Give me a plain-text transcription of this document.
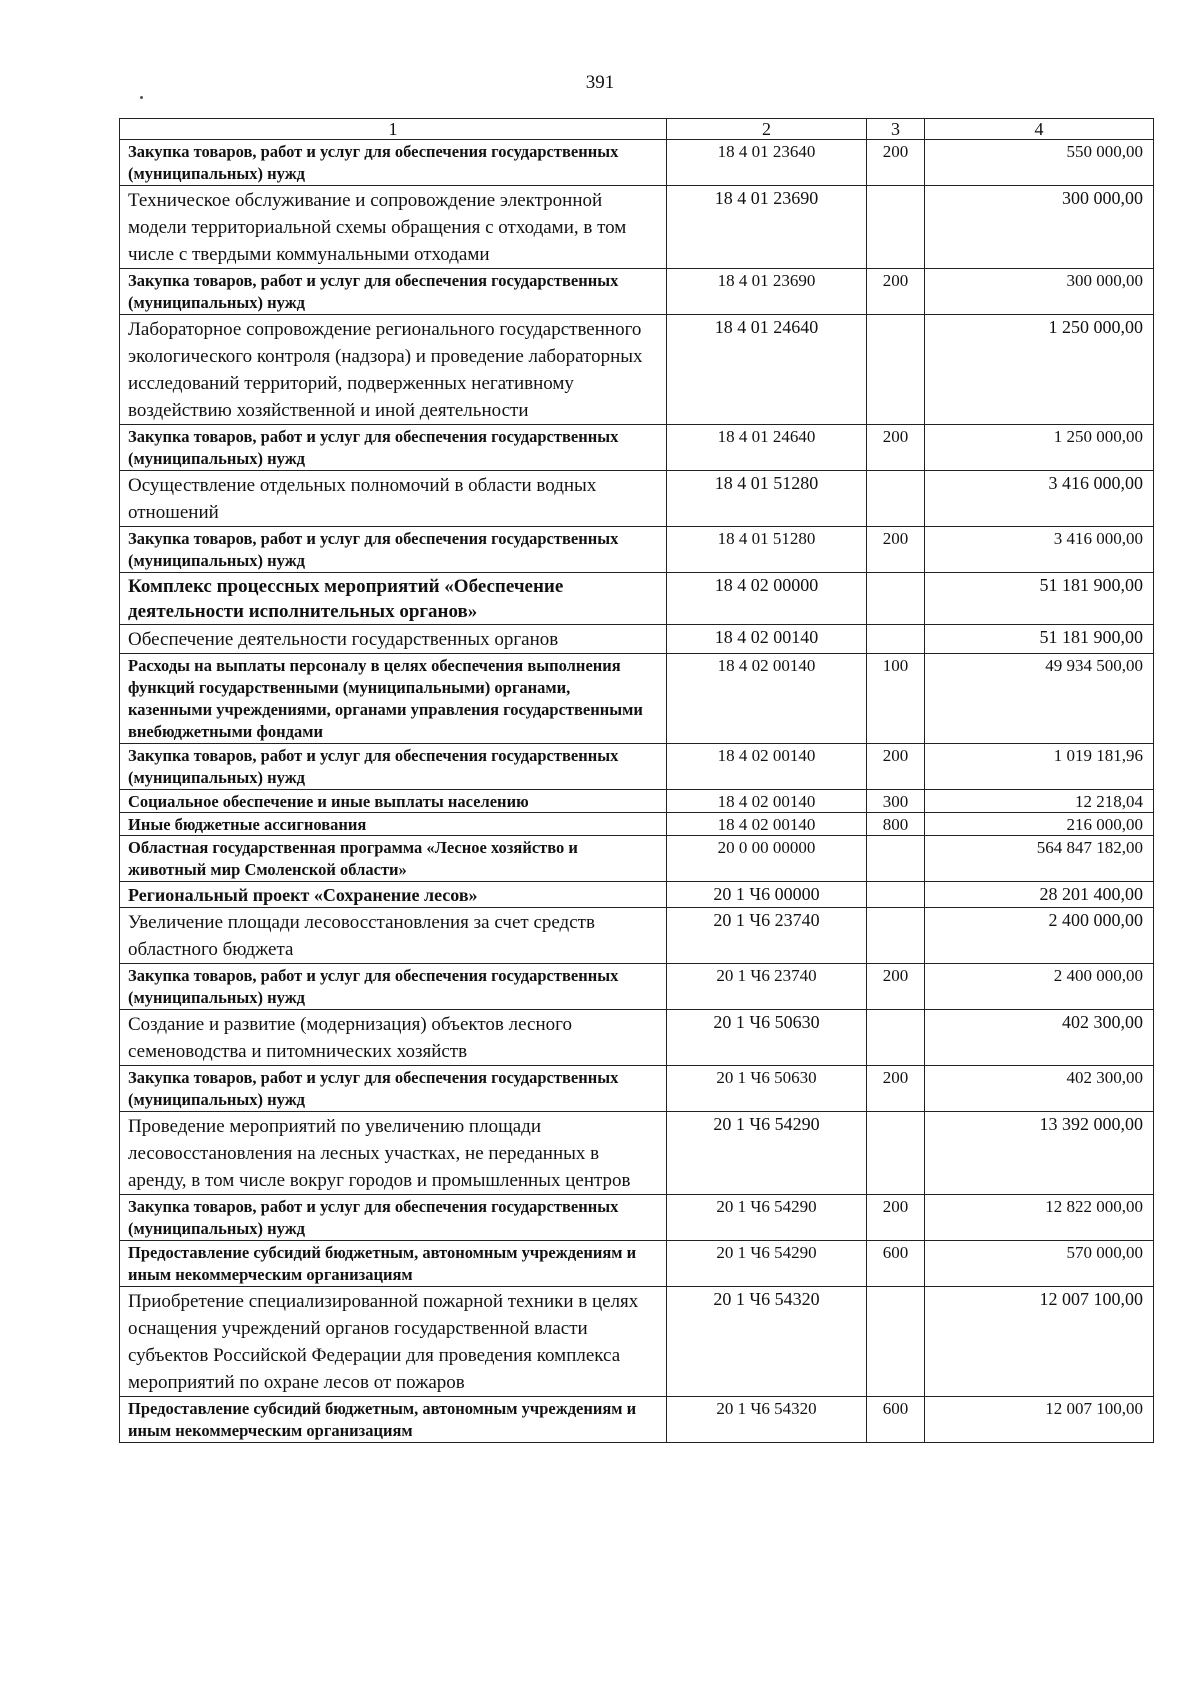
391
1	2	3	4
Закупка товаров, работ и услуг для обеспечения государственных (муниципальных) нужд	18 4 01 23640	200	550 000,00
Техническое обслуживание и сопровождение электронной модели территориальной схемы обращения с отходами, в том числе с твердыми коммунальными отходами	18 4 01 23690		300 000,00
Закупка товаров, работ и услуг для обеспечения государственных (муниципальных) нужд	18 4 01 23690	200	300 000,00
Лабораторное сопровождение регионального государственного экологического контроля (надзора) и проведение лабораторных исследований территорий, подверженных негативному воздействию хозяйственной и иной деятельности	18 4 01 24640		1 250 000,00
Закупка товаров, работ и услуг для обеспечения государственных (муниципальных) нужд	18 4 01 24640	200	1 250 000,00
Осуществление отдельных полномочий в области водных отношений	18 4 01 51280		3 416 000,00
Закупка товаров, работ и услуг для обеспечения государственных (муниципальных) нужд	18 4 01 51280	200	3 416 000,00
Комплекс процессных мероприятий «Обеспечение деятельности исполнительных органов»	18 4 02 00000		51 181 900,00
Обеспечение деятельности государственных органов	18 4 02 00140		51 181 900,00
Расходы на выплаты персоналу в целях обеспечения выполнения функций государственными (муниципальными) органами, казенными учреждениями, органами управления государственными внебюджетными фондами	18 4 02 00140	100	49 934 500,00
Закупка товаров, работ и услуг для обеспечения государственных (муниципальных) нужд	18 4 02 00140	200	1 019 181,96
Социальное обеспечение и иные выплаты населению	18 4 02 00140	300	12 218,04
Иные бюджетные ассигнования	18 4 02 00140	800	216 000,00
Областная государственная программа «Лесное хозяйство и животный мир Смоленской области»	20 0 00 00000		564 847 182,00
Региональный проект «Сохранение лесов»	20 1 Ч6 00000		28 201 400,00
Увеличение площади лесовосстановления за счет средств областного бюджета	20 1 Ч6 23740		2 400 000,00
Закупка товаров, работ и услуг для обеспечения государственных (муниципальных) нужд	20 1 Ч6 23740	200	2 400 000,00
Создание и развитие (модернизация) объектов лесного семеноводства и питомнических хозяйств	20 1 Ч6 50630		402 300,00
Закупка товаров, работ и услуг для обеспечения государственных (муниципальных) нужд	20 1 Ч6 50630	200	402 300,00
Проведение мероприятий по увеличению площади лесовосстановления на лесных участках, не переданных в аренду, в том числе вокруг городов и промышленных центров	20 1 Ч6 54290		13 392 000,00
Закупка товаров, работ и услуг для обеспечения государственных (муниципальных) нужд	20 1 Ч6 54290	200	12 822 000,00
Предоставление субсидий бюджетным, автономным учреждениям и иным некоммерческим организациям	20 1 Ч6 54290	600	570 000,00
Приобретение специализированной пожарной техники в целях оснащения учреждений органов государственной власти субъектов Российской Федерации для проведения комплекса мероприятий по охране лесов от пожаров	20 1 Ч6 54320		12 007 100,00
Предоставление субсидий бюджетным, автономным учреждениям и иным некоммерческим организациям	20 1 Ч6 54320	600	12 007 100,00
